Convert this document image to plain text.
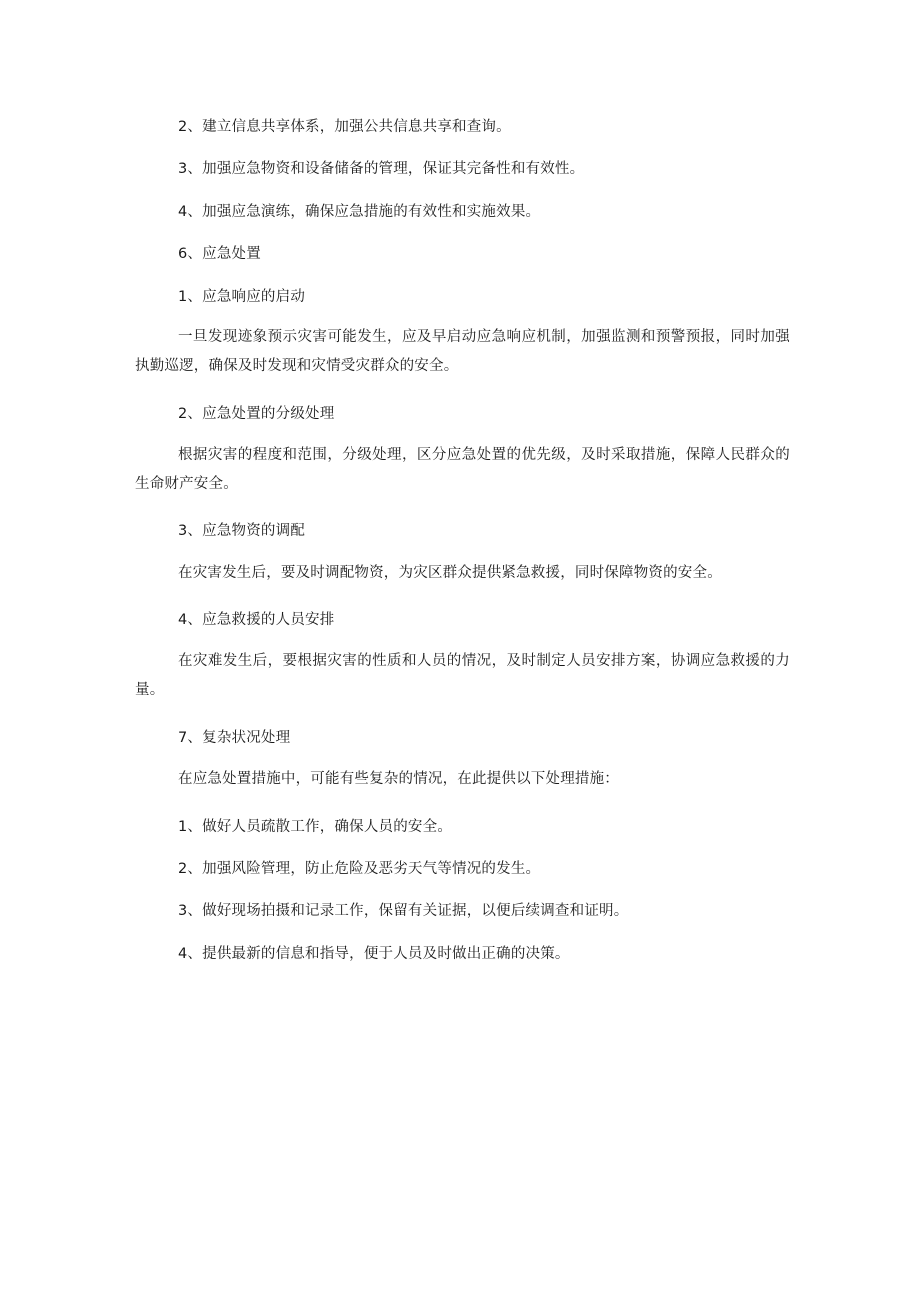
2、建立信息共享体系，加强公共信息共享和查询。
3、加强应急物资和设备储备的管理，保证其完备性和有效性。
4、加强应急演练，确保应急措施的有效性和实施效果。
6、应急处置
1、应急响应的启动
一旦发现迹象预示灾害可能发生，应及早启动应急响应机制，加强监测和预警预报，同时加强执勤巡逻，确保及时发现和灾情受灾群众的安全。
2、应急处置的分级处理
根据灾害的程度和范围，分级处理，区分应急处置的优先级，及时采取措施，保障人民群众的生命财产安全。
3、应急物资的调配
在灾害发生后，要及时调配物资，为灾区群众提供紧急救援，同时保障物资的安全。
4、应急救援的人员安排
在灾难发生后，要根据灾害的性质和人员的情况，及时制定人员安排方案，协调应急救援的力量。
7、复杂状况处理
在应急处置措施中，可能有些复杂的情况，在此提供以下处理措施：
1、做好人员疏散工作，确保人员的安全。
2、加强风险管理，防止危险及恶劣天气等情况的发生。
3、做好现场拍摄和记录工作，保留有关证据，以便后续调查和证明。
4、提供最新的信息和指导，便于人员及时做出正确的决策。
